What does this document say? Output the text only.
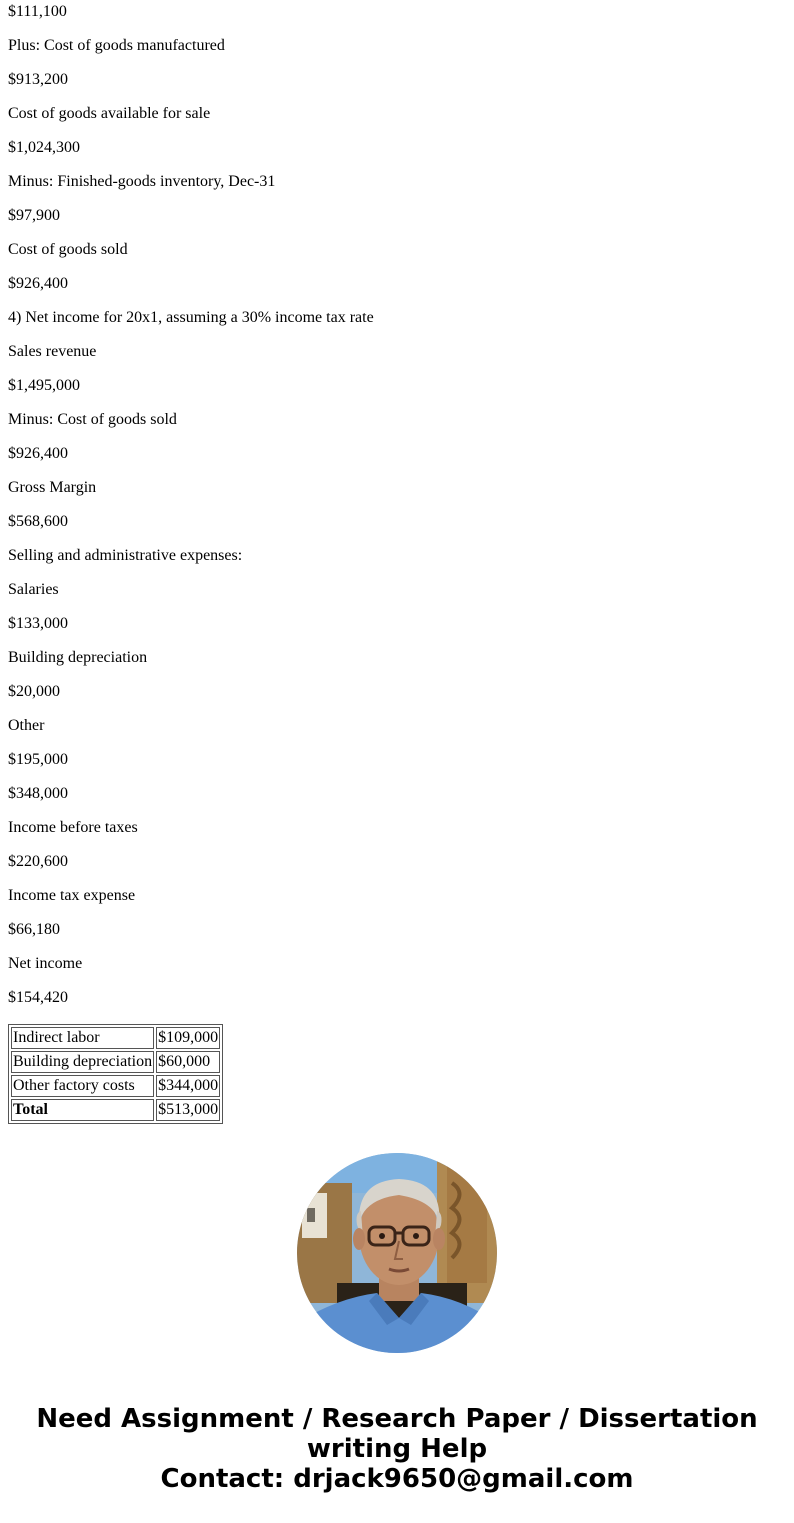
$111,100

Plus: Cost of goods manufactured

$913,200

Cost of goods available for sale

$1,024,300

Minus: Finished-goods inventory, Dec-31

$97,900

Cost of goods sold

$926,400

4) Net income for 20x1, assuming a 30% income tax rate

Sales revenue

$1,495,000

Minus: Cost of goods sold

$926,400

Gross Margin

$568,600

Selling and administrative expenses:

Salaries

$133,000

Building depreciation

$20,000

Other

$195,000

$348,000

Income before taxes

$220,600

Income tax expense

$66,180

Net income

$154,420

Indirect labor	$109,000
Building depreciation	$60,000
Other factory costs	$344,000
Total	$513,000
Need Assignment / Research Paper / Dissertation
writing Help
Contact: drjack9650@gmail.com
